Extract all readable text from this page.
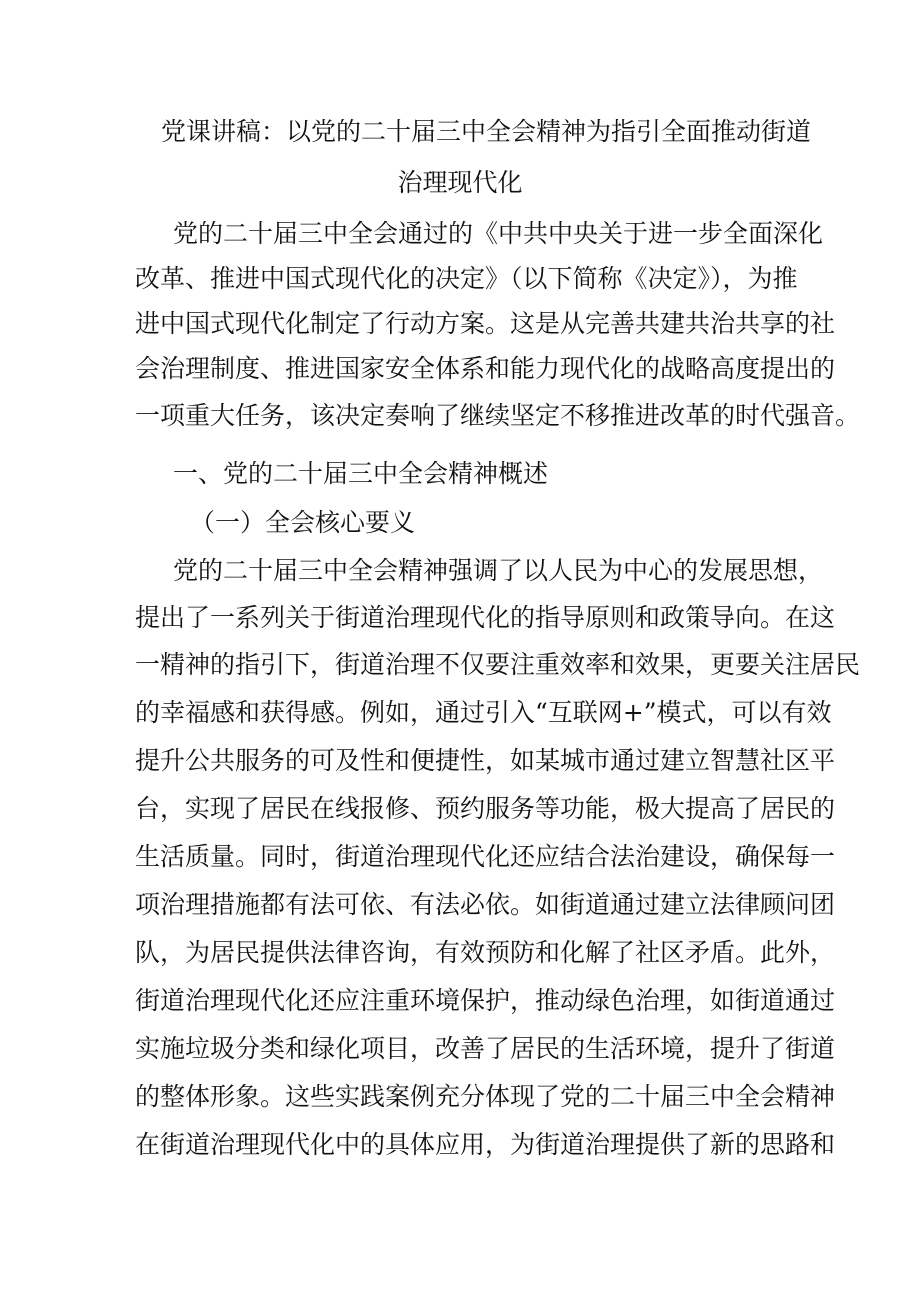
党课讲稿：以党的二十届三中全会精神为指引全面推动街道
治理现代化
党的二十届三中全会通过的《中共中央关于进一步全面深化
改革、推进中国式现代化的决定》（以下简称《决定》），为推
进中国式现代化制定了行动方案。这是从完善共建共治共享的社
会治理制度、推进国家安全体系和能力现代化的战略高度提出的
一项重大任务，该决定奏响了继续坚定不移推进改革的时代强音。
一、党的二十届三中全会精神概述
（一）全会核心要义
党的二十届三中全会精神强调了以人民为中心的发展思想，
提出了一系列关于街道治理现代化的指导原则和政策导向。在这
一精神的指引下，街道治理不仅要注重效率和效果，更要关注居民
的幸福感和获得感。例如，通过引入“互联网+”模式，可以有效
提升公共服务的可及性和便捷性，如某城市通过建立智慧社区平
台，实现了居民在线报修、预约服务等功能，极大提高了居民的
生活质量。同时，街道治理现代化还应结合法治建设，确保每一
项治理措施都有法可依、有法必依。如街道通过建立法律顾问团
队，为居民提供法律咨询，有效预防和化解了社区矛盾。此外，
街道治理现代化还应注重环境保护，推动绿色治理，如街道通过
实施垃圾分类和绿化项目，改善了居民的生活环境，提升了街道
的整体形象。这些实践案例充分体现了党的二十届三中全会精神
在街道治理现代化中的具体应用，为街道治理提供了新的思路和
